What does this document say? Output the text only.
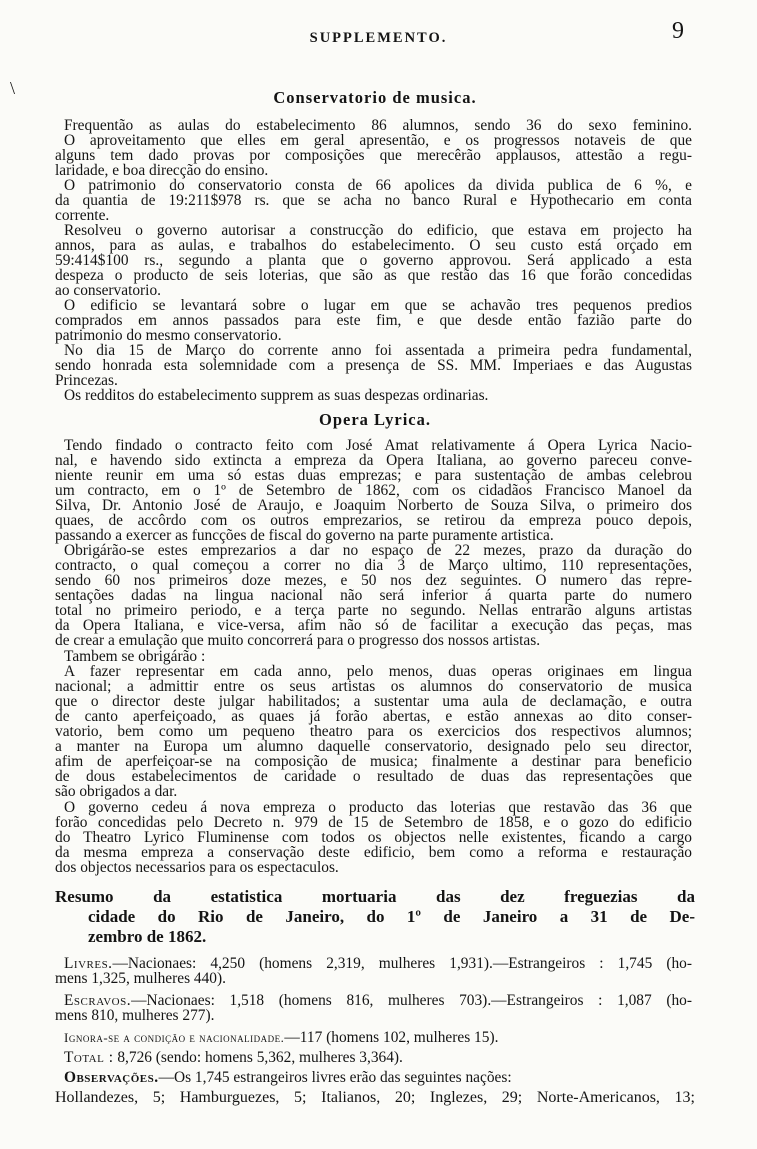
\
SUPPLEMENTO.	9
Conservatorio de musica.
Frequentão as aulas do estabelecimento 86 alumnos, sendo 36 do sexo feminino.
O aproveitamento que elles em geral apresentão, e os progressos notaveis de que
alguns tem dado provas por composições que merecêrão applausos, attestão a regu-
laridade, e boa direcção do ensino.
O patrimonio do conservatorio consta de 66 apolices da divida publica de 6 %, e
da quantia de 19:211$978 rs. que se acha no banco Rural e Hypothecario em conta
corrente.
Resolveu o governo autorisar a construcção do edificio, que estava em projecto ha
annos, para as aulas, e trabalhos do estabelecimento. O seu custo está orçado em
59:414$100 rs., segundo a planta que o governo approvou. Será applicado a esta
despeza o producto de seis loterias, que são as que restão das 16 que forão concedidas
ao conservatorio.
O edificio se levantará sobre o lugar em que se achavão tres pequenos predios
comprados em annos passados para este fim, e que desde então fazião parte do
patrimonio do mesmo conservatorio.
No dia 15 de Março do corrente anno foi assentada a primeira pedra fundamental,
sendo honrada esta solemnidade com a presença de SS. MM. Imperiaes e das Augustas
Princezas.
Os redditos do estabelecimento supprem as suas despezas ordinarias.
Opera Lyrica.
Tendo findado o contracto feito com José Amat relativamente á Opera Lyrica Nacio-
nal, e havendo sido extincta a empreza da Opera Italiana, ao governo pareceu conve-
niente reunir em uma só estas duas emprezas; e para sustentação de ambas celebrou
um contracto, em o 1º de Setembro de 1862, com os cidadãos Francisco Manoel da
Silva, Dr. Antonio José de Araujo, e Joaquim Norberto de Souza Silva, o primeiro dos
quaes, de accôrdo com os outros emprezarios, se retirou da empreza pouco depois,
passando a exercer as funcções de fiscal do governo na parte puramente artistica.
Obrigárão-se estes emprezarios a dar no espaço de 22 mezes, prazo da duração do
contracto, o qual começou a correr no dia 3 de Março ultimo, 110 representações,
sendo 60 nos primeiros doze mezes, e 50 nos dez seguintes. O numero das repre-
sentações dadas na lingua nacional não será inferior á quarta parte do numero
total no primeiro periodo, e a terça parte no segundo. Nellas entrarão alguns artistas
da Opera Italiana, e vice-versa, afim não só de facilitar a execução das peças, mas
de crear a emulação que muito concorrerá para o progresso dos nossos artistas.
Tambem se obrigárão :
A fazer representar em cada anno, pelo menos, duas operas originaes em lingua
nacional; a admittir entre os seus artistas os alumnos do conservatorio de musica
que o director deste julgar habilitados; a sustentar uma aula de declamação, e outra
de canto aperfeiçoado, as quaes já forão abertas, e estão annexas ao dito conser-
vatorio, bem como um pequeno theatro para os exercicios dos respectivos alumnos;
a manter na Europa um alumno daquelle conservatorio, designado pelo seu director,
afim de aperfeiçoar-se na composição de musica; finalmente a destinar para beneficio
de dous estabelecimentos de caridade o resultado de duas das representações que
são obrigados a dar.
O governo cedeu á nova empreza o producto das loterias que restavão das 36 que
forão concedidas pelo Decreto n. 979 de 15 de Setembro de 1858, e o gozo do edificio
do Theatro Lyrico Fluminense com todos os objectos nelle existentes, ficando a cargo
da mesma empreza a conservação deste edificio, bem como a reforma e restauração
dos objectos necessarios para os espectaculos.
Resumo da estatistica mortuaria das dez freguezias da
cidade do Rio de Janeiro, do 1º de Janeiro a 31 de De-
zembro de 1862.
Livres.—Nacionaes: 4,250 (homens 2,319, mulheres 1,931).—Estrangeiros : 1,745 (ho-
mens 1,325, mulheres 440).
Escravos.—Nacionaes: 1,518 (homens 816, mulheres 703).—Estrangeiros : 1,087 (ho-
mens 810, mulheres 277).
Ignora-se a condição e nacionalidade.—117 (homens 102, mulheres 15).
Total : 8,726 (sendo: homens 5,362, mulheres 3,364).
Observações.—Os 1,745 estrangeiros livres erão das seguintes nações:
Hollandezes, 5; Hamburguezes, 5; Italianos, 20; Inglezes, 29; Norte-Americanos, 13;
